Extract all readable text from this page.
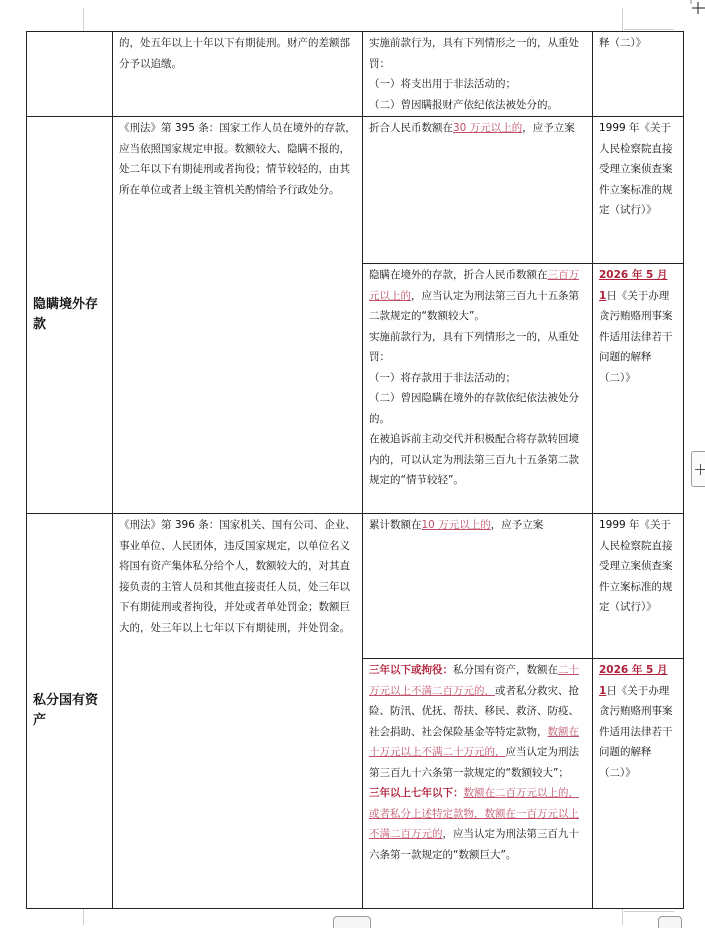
	的，处五年以上十年以下有期徒刑。财产的差额部分予以追缴。	实施前款行为，具有下列情形之一的，从重处罚：
（一）将支出用于非法活动的；
（二）曾因瞒报财产依纪依法被处分的。	释（二）》

隐瞒境外存款	《刑法》第 395 条：国家工作人员在境外的存款，应当依照国家规定申报。数额较大、隐瞒不报的，处二年以下有期徒刑或者拘役；情节较轻的，由其所在单位或者上级主管机关酌情给予行政处分。	折合人民币数额在30 万元以上的，应予立案	1999 年《关于人民检察院直接受理立案侦查案件立案标准的规定（试行）》
		隐瞒在境外的存款，折合人民币数额在三百万元以上的，应当认定为刑法第三百九十五条第二款规定的“数额较大”。
实施前款行为，具有下列情形之一的，从重处罚：
（一）将存款用于非法活动的；
（二）曾因隐瞒在境外的存款依纪依法被处分的。
在被追诉前主动交代并积极配合将存款转回境内的，可以认定为刑法第三百九十五条第二款规定的“情节较轻”。	2026 年 5 月 1日《关于办理贪污贿赂刑事案件适用法律若干问题的解释（二）》

私分国有资产	《刑法》第 396 条：国家机关、国有公司、企业、事业单位、人民团体，违反国家规定，以单位名义将国有资产集体私分给个人，数额较大的，对其直接负责的主管人员和其他直接责任人员，处三年以下有期徒刑或者拘役，并处或者单处罚金；数额巨大的，处三年以上七年以下有期徒刑，并处罚金。	累计数额在10 万元以上的，应予立案	1999 年《关于人民检察院直接受理立案侦查案件立案标准的规定（试行）》
		三年以下或拘役：私分国有资产，数额在二十万元以上不满二百万元的，或者私分救灾、抢险、防汛、优抚、帮扶、移民、救济、防疫、社会捐助、社会保险基金等特定款物，数额在十万元以上不满二十万元的，应当认定为刑法第三百九十六条第一款规定的“数额较大”；
三年以上七年以下：数额在二百万元以上的，或者私分上述特定款物，数额在一百万元以上不满二百万元的，应当认定为刑法第三百九十六条第一款规定的“数额巨大”。	2026 年 5 月 1日《关于办理贪污贿赂刑事案件适用法律若干问题的解释（二）》
